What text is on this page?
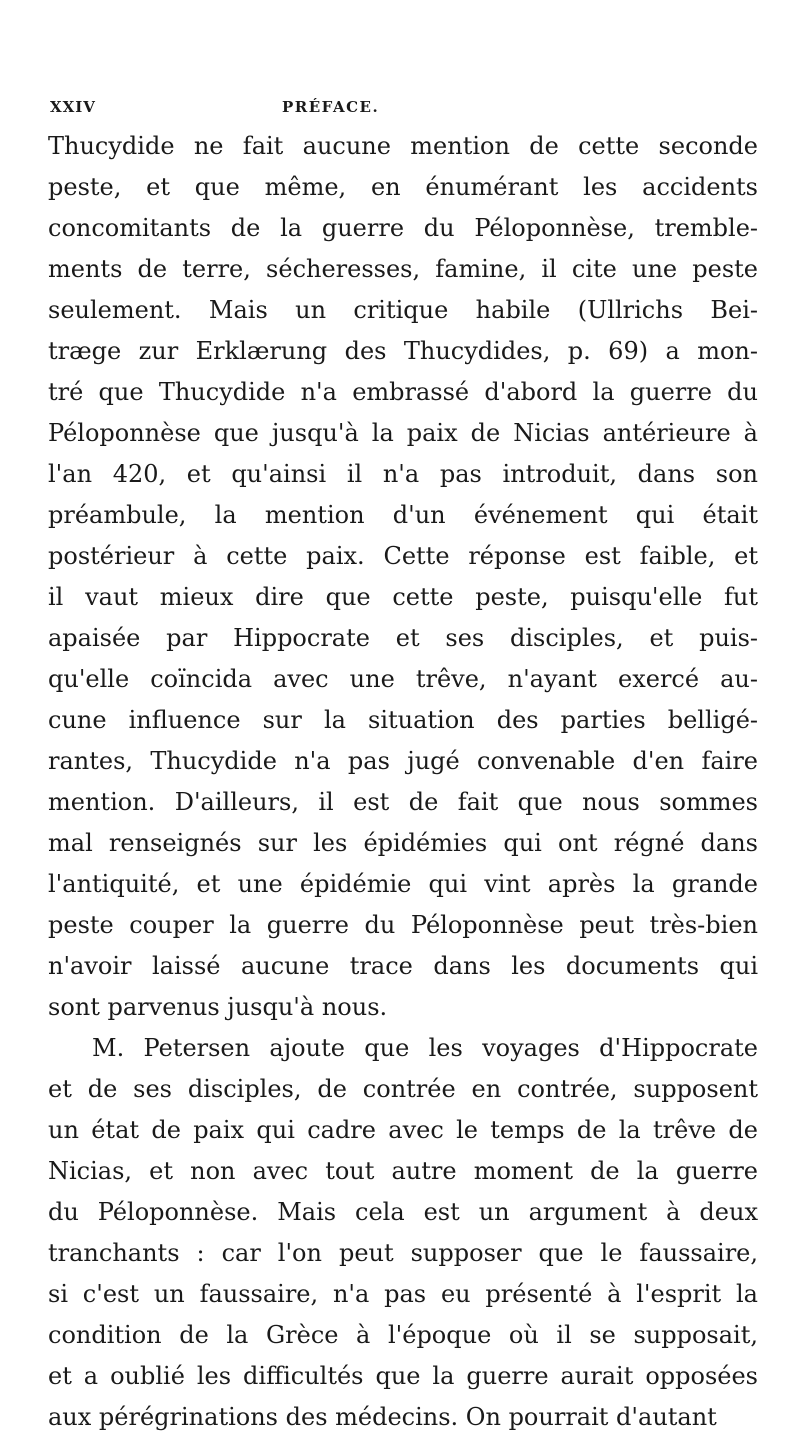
XXIV	PRÉFACE.
Thucydide ne fait aucune mention de cette seconde
peste, et que même, en énumérant les accidents
concomitants de la guerre du Péloponnèse, tremble-
ments de terre, sécheresses, famine, il cite une peste
seulement. Mais un critique habile (Ullrichs Bei-
træge zur Erklærung des Thucydides, p. 69) a mon-
tré que Thucydide n'a embrassé d'abord la guerre du
Péloponnèse que jusqu'à la paix de Nicias antérieure à
l'an 420, et qu'ainsi il n'a pas introduit, dans son
préambule, la mention d'un événement qui était
postérieur à cette paix. Cette réponse est faible, et
il vaut mieux dire que cette peste, puisqu'elle fut
apaisée par Hippocrate et ses disciples, et puis-
qu'elle coïncida avec une trêve, n'ayant exercé au-
cune influence sur la situation des parties belligé-
rantes, Thucydide n'a pas jugé convenable d'en faire
mention. D'ailleurs, il est de fait que nous sommes
mal renseignés sur les épidémies qui ont régné dans
l'antiquité, et une épidémie qui vint après la grande
peste couper la guerre du Péloponnèse peut très-bien
n'avoir laissé aucune trace dans les documents qui
sont parvenus jusqu'à nous.
M. Petersen ajoute que les voyages d'Hippocrate
et de ses disciples, de contrée en contrée, supposent
un état de paix qui cadre avec le temps de la trêve de
Nicias, et non avec tout autre moment de la guerre
du Péloponnèse. Mais cela est un argument à deux
tranchants : car l'on peut supposer que le faussaire,
si c'est un faussaire, n'a pas eu présenté à l'esprit la
condition de la Grèce à l'époque où il se supposait,
et a oublié les difficultés que la guerre aurait opposées
aux pérégrinations des médecins. On pourrait d'autant
